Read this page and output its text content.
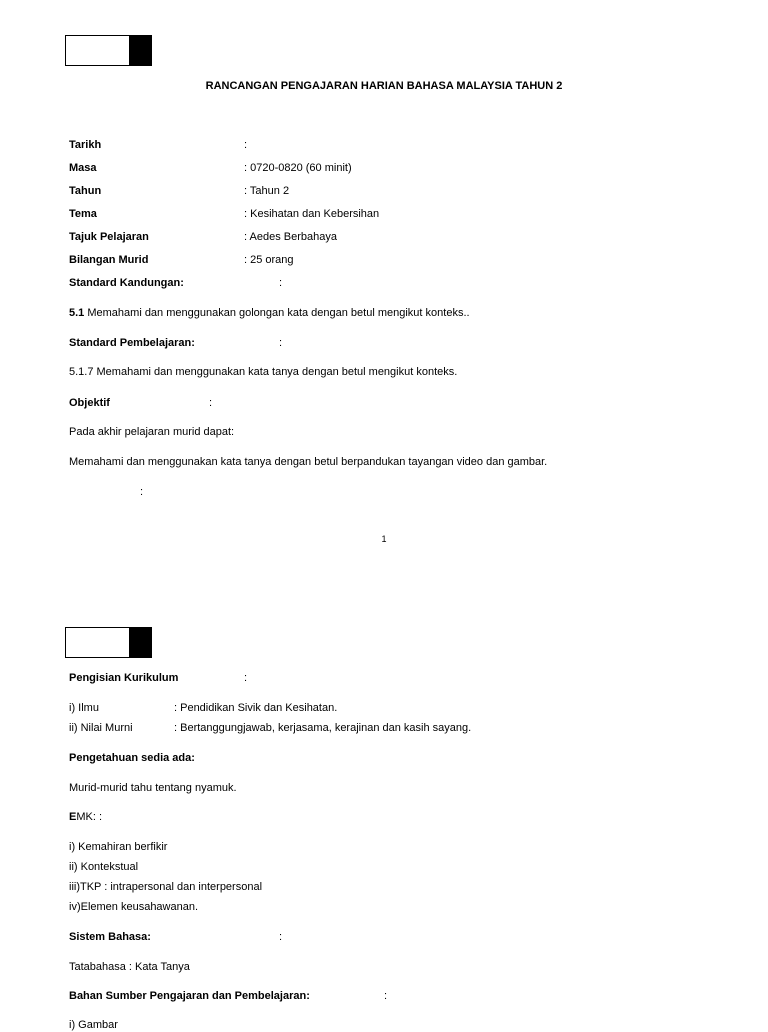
RANCANGAN PENGAJARAN HARIAN BAHASA MALAYSIA TAHUN 2
Tarikh	:
Masa	: 0720-0820 (60 minit)
Tahun	: Tahun 2
Tema	: Kesihatan dan Kebersihan
Tajuk Pelajaran	: Aedes Berbahaya
Bilangan Murid	: 25 orang
Standard Kandungan:	:
5.1 Memahami dan menggunakan golongan kata dengan betul mengikut konteks..
Standard Pembelajaran:	:
5.1.7 Memahami dan menggunakan kata tanya dengan betul mengikut konteks.
Objektif	:
Pada akhir pelajaran murid dapat:
Memahami dan menggunakan kata tanya dengan betul berpandukan tayangan video dan gambar.
:
1
Pengisian Kurikulum	:
i) Ilmu	: Pendidikan Sivik dan Kesihatan.
ii) Nilai Murni	: Bertanggungjawab, kerjasama, kerajinan dan kasih sayang.
Pengetahuan sedia ada:
Murid-murid tahu tentang nyamuk.
EMK: :
i) Kemahiran berfikir
ii) Kontekstual
iii)TKP : intrapersonal dan interpersonal
iv)Elemen keusahawanan.
Sistem Bahasa:	:
Tatabahasa : Kata Tanya
Bahan Sumber Pengajaran dan Pembelajaran:	:
i) Gambar
